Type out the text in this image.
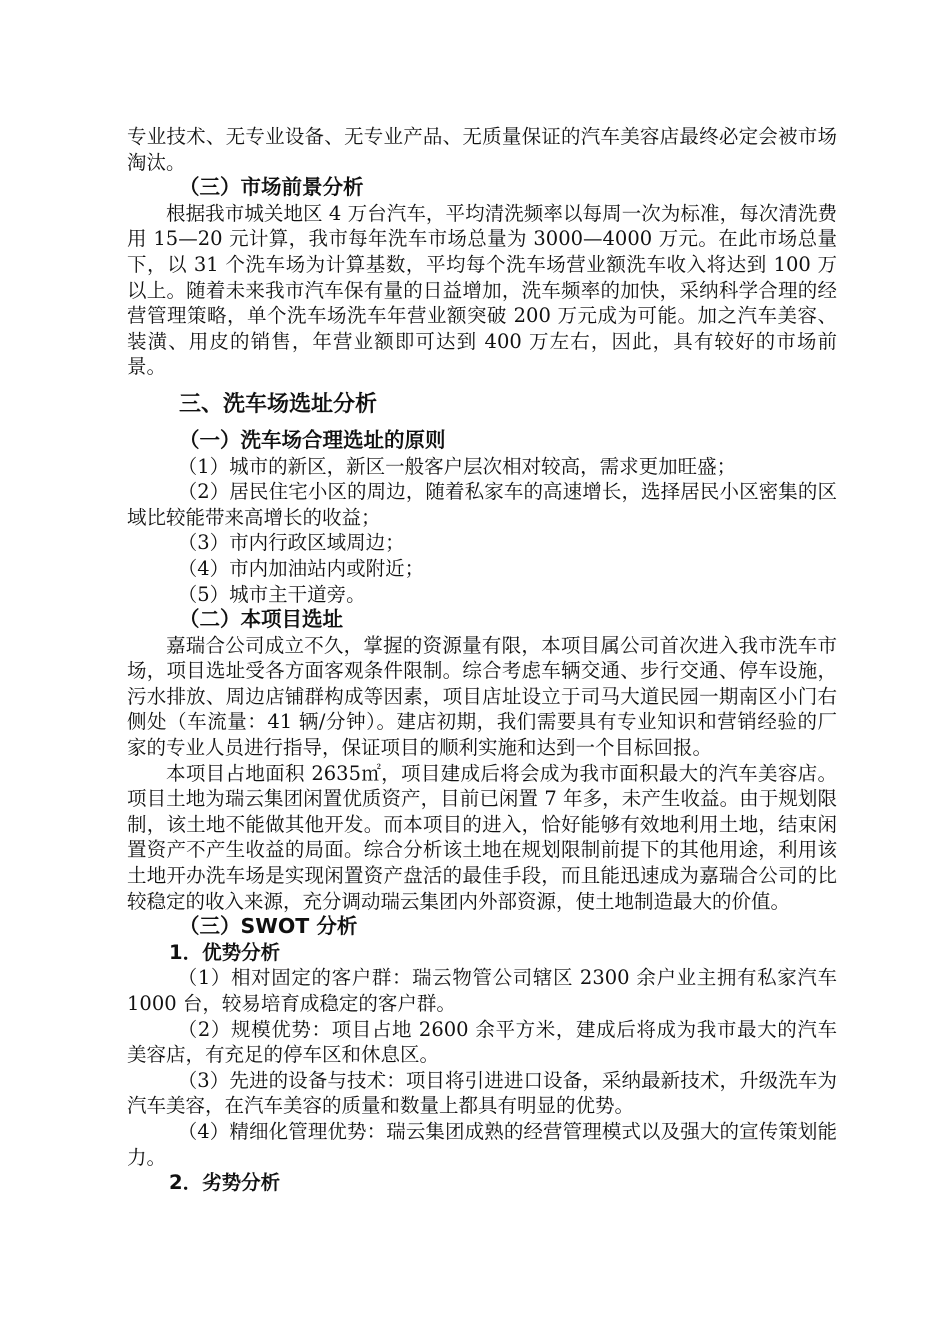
专业技术、无专业设备、无专业产品、无质量保证的汽车美容店最终必定会被市场淘汰。

（三）市场前景分析

根据我市城关地区 4 万台汽车，平均清洗频率以每周一次为标准，每次清洗费用 15—20 元计算，我市每年洗车市场总量为 3000—4000 万元。在此市场总量下，以 31 个洗车场为计算基数，平均每个洗车场营业额洗车收入将达到 100 万以上。随着未来我市汽车保有量的日益增加，洗车频率的加快，采纳科学合理的经营管理策略，单个洗车场洗车年营业额突破 200 万元成为可能。加之汽车美容、装潢、用皮的销售，年营业额即可达到 400 万左右，因此，具有较好的市场前景。

三、洗车场选址分析

（一）洗车场合理选址的原则

（1）城市的新区，新区一般客户层次相对较高，需求更加旺盛；

（2）居民住宅小区的周边，随着私家车的高速增长，选择居民小区密集的区域比较能带来高增长的收益；

（3）市内行政区域周边；

（4）市内加油站内或附近；

（5）城市主干道旁。

（二）本项目选址

嘉瑞合公司成立不久，掌握的资源量有限，本项目属公司首次进入我市洗车市场，项目选址受各方面客观条件限制。综合考虑车辆交通、步行交通、停车设施，污水排放、周边店铺群构成等因素，项目店址设立于司马大道民园一期南区小门右侧处（车流量：41 辆/分钟）。建店初期，我们需要具有专业知识和营销经验的厂家的专业人员进行指导，保证项目的顺利实施和达到一个目标回报。

本项目占地面积 2635㎡，项目建成后将会成为我市面积最大的汽车美容店。项目土地为瑞云集团闲置优质资产，目前已闲置 7 年多，未产生收益。由于规划限制，该土地不能做其他开发。而本项目的进入，恰好能够有效地利用土地，结束闲置资产不产生收益的局面。综合分析该土地在规划限制前提下的其他用途，利用该土地开办洗车场是实现闲置资产盘活的最佳手段，而且能迅速成为嘉瑞合公司的比较稳定的收入来源，充分调动瑞云集团内外部资源，使土地制造最大的价值。

（三）SWOT 分析

1．优势分析

（1）相对固定的客户群：瑞云物管公司辖区 2300 余户业主拥有私家汽车 1000 台，较易培育成稳定的客户群。

（2）规模优势：项目占地 2600 余平方米，建成后将成为我市最大的汽车美容店，有充足的停车区和休息区。

（3）先进的设备与技术：项目将引进进口设备，采纳最新技术，升级洗车为汽车美容，在汽车美容的质量和数量上都具有明显的优势。

（4）精细化管理优势：瑞云集团成熟的经营管理模式以及强大的宣传策划能力。

2．劣势分析
